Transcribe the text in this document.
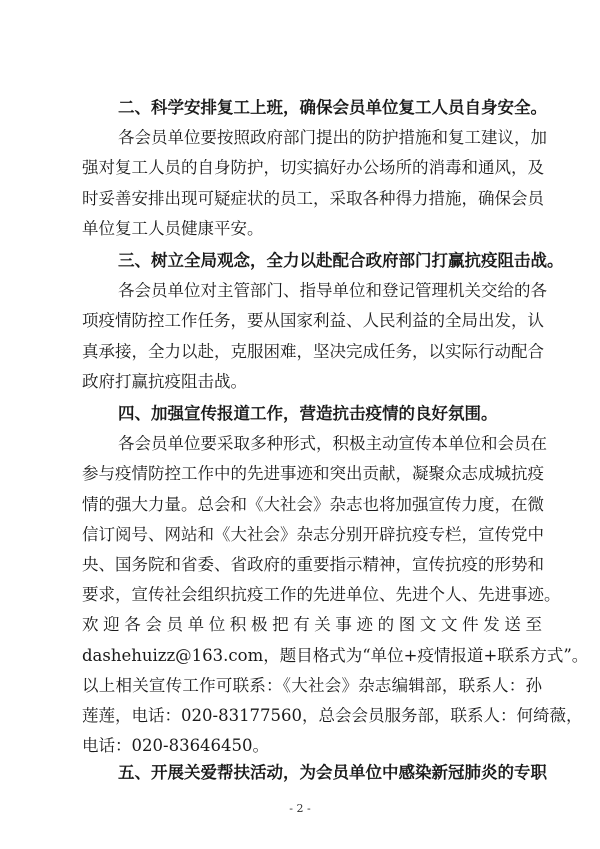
二、科学安排复工上班，确保会员单位复工人员自身安全。
各会员单位要按照政府部门提出的防护措施和复工建议，加
强对复工人员的自身防护，切实搞好办公场所的消毒和通风，及
时妥善安排出现可疑症状的员工，采取各种得力措施，确保会员
单位复工人员健康平安。
三、树立全局观念，全力以赴配合政府部门打赢抗疫阻击战。
各会员单位对主管部门、指导单位和登记管理机关交给的各
项疫情防控工作任务，要从国家利益、人民利益的全局出发，认
真承接，全力以赴，克服困难，坚决完成任务，以实际行动配合
政府打赢抗疫阻击战。
四、加强宣传报道工作，营造抗击疫情的良好氛围。
各会员单位要采取多种形式，积极主动宣传本单位和会员在
参与疫情防控工作中的先进事迹和突出贡献，凝聚众志成城抗疫
情的强大力量。总会和《大社会》杂志也将加强宣传力度，在微
信订阅号、网站和《大社会》杂志分别开辟抗疫专栏，宣传党中
央、国务院和省委、省政府的重要指示精神，宣传抗疫的形势和
要求，宣传社会组织抗疫工作的先进单位、先进个人、先进事迹。
欢迎各会员单位积极把有关事迹的图文文件发送至
dashehuizz@163.com，题目格式为“单位+疫情报道+联系方式”。
以上相关宣传工作可联系：《大社会》杂志编辑部，联系人：孙
莲莲，电话：020-83177560，总会会员服务部，联系人：何绮薇，
电话：020-83646450。
五、开展关爱帮扶活动，为会员单位中感染新冠肺炎的专职
- 2 -
